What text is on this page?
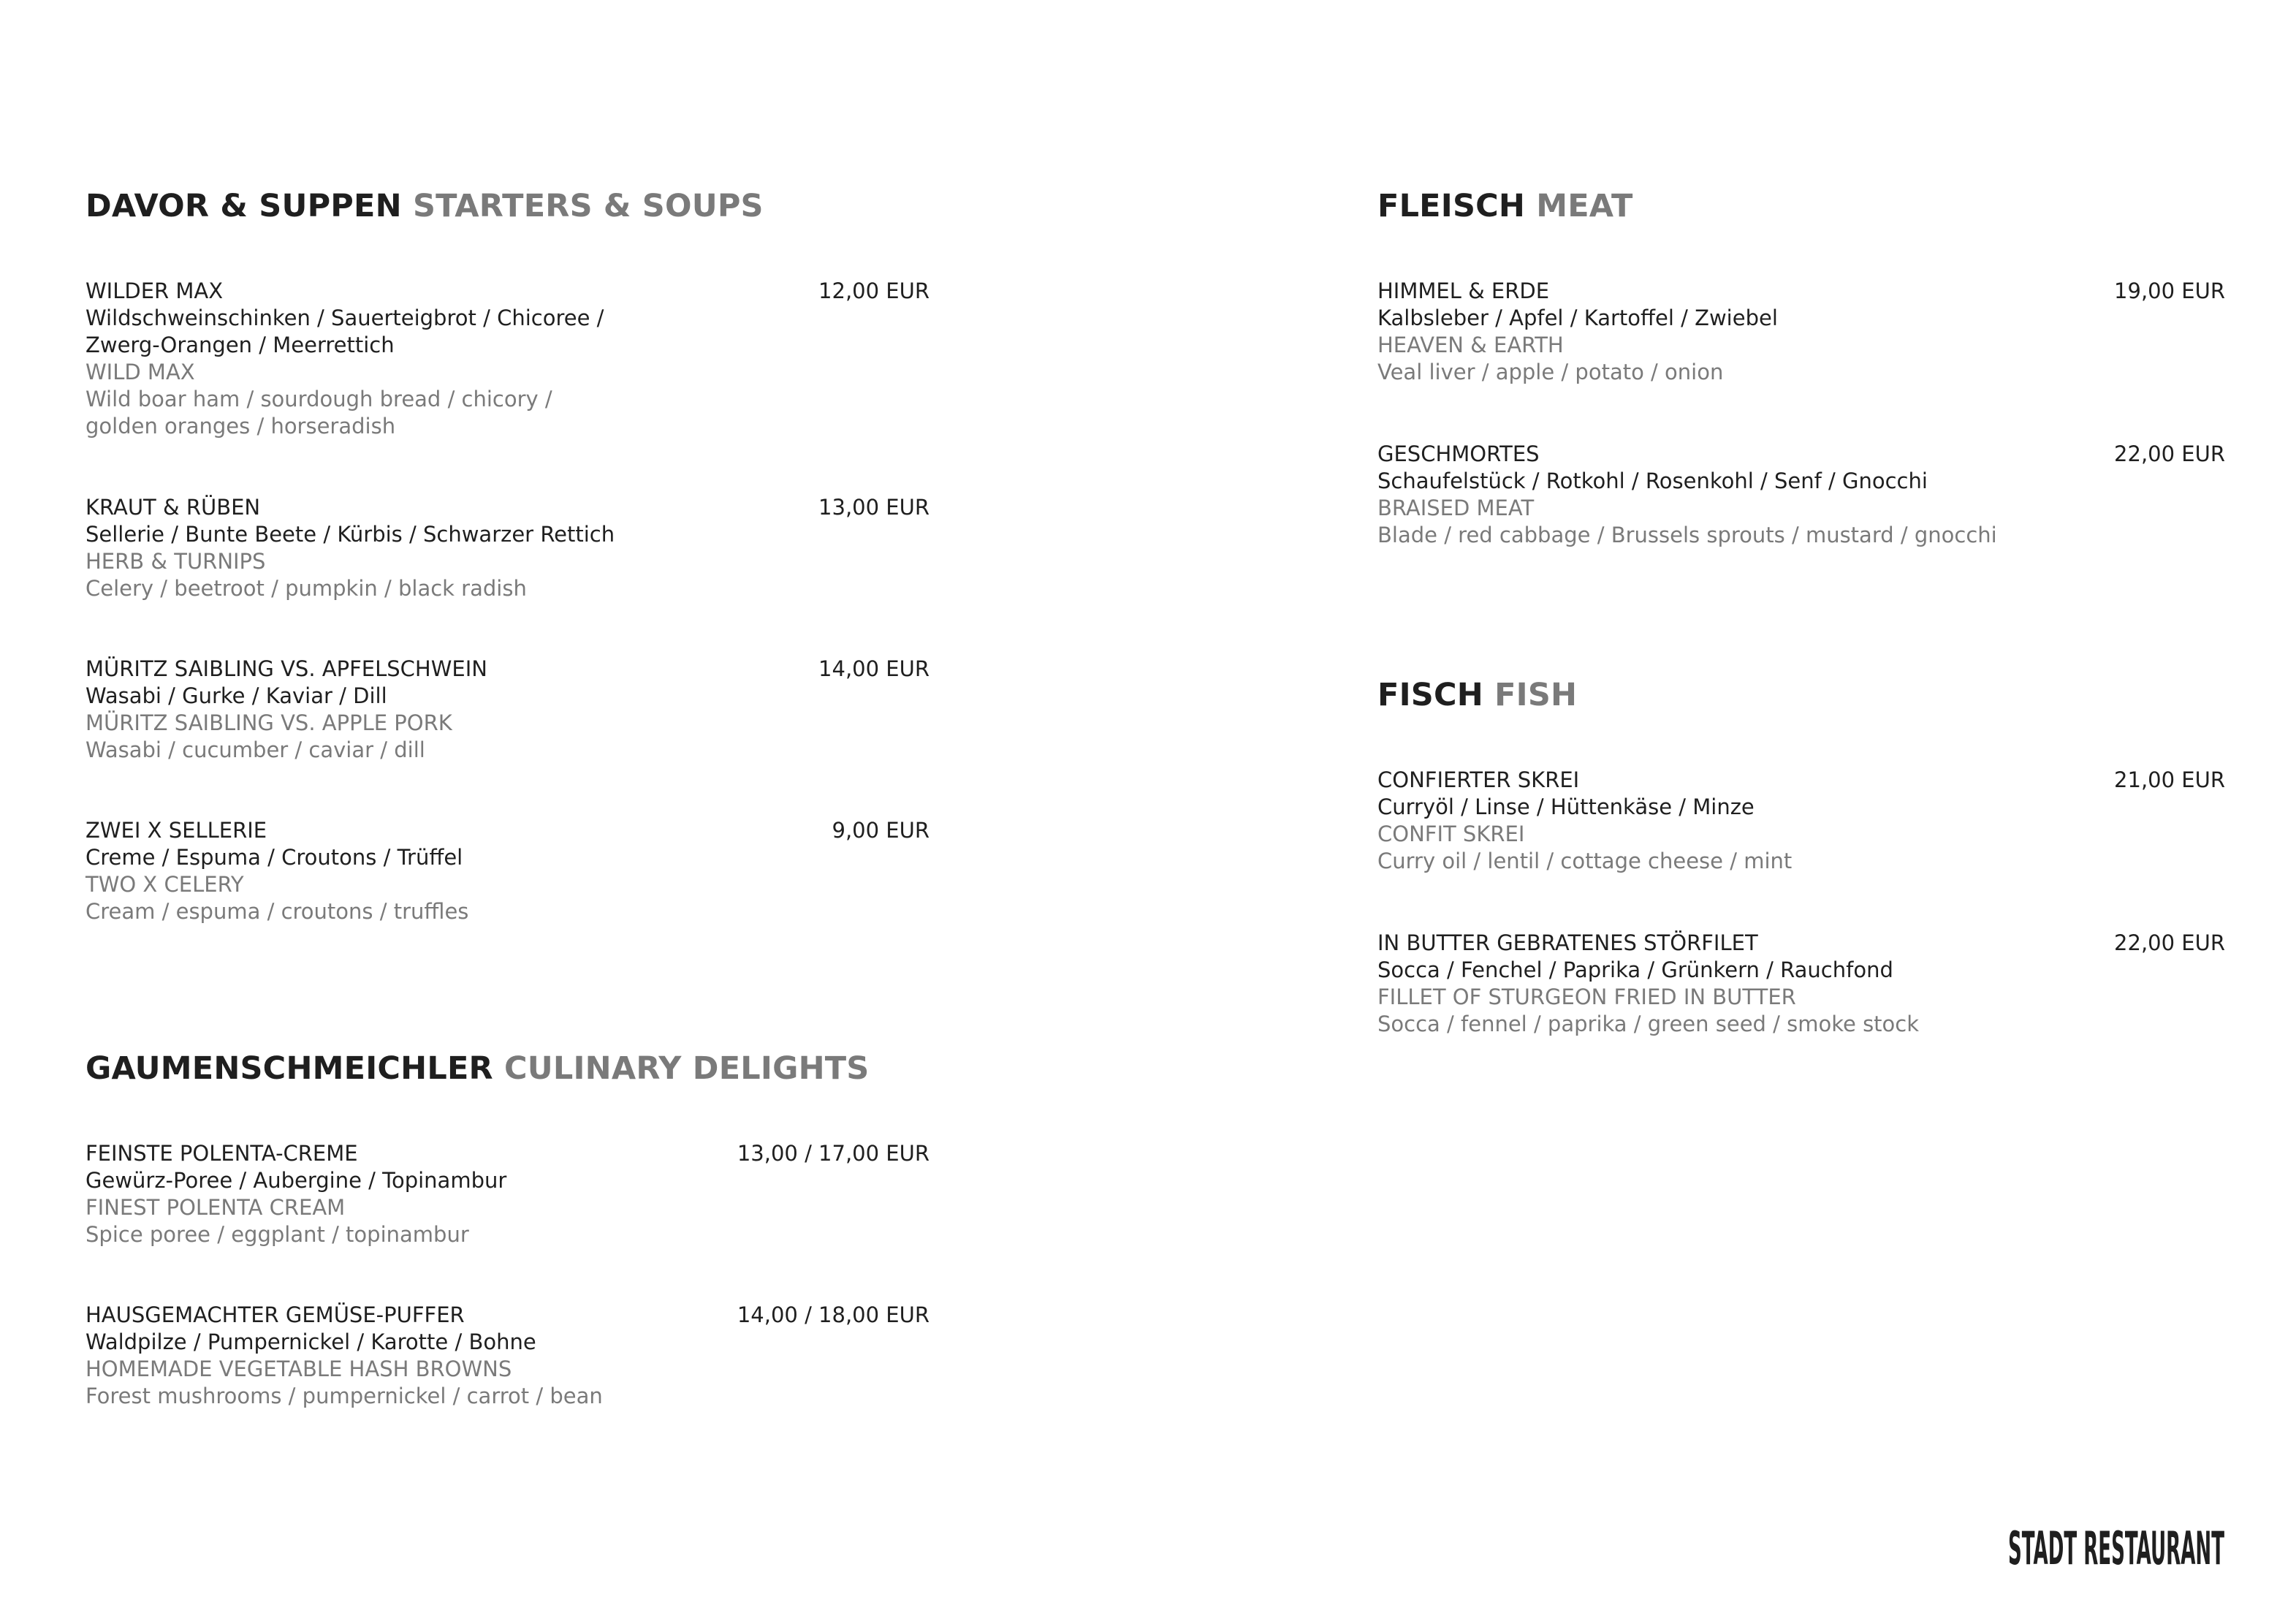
DAVOR & SUPPEN STARTERS & SOUPS
WILDER MAX
Wildschweinschinken / Sauerteigbrot / Chicoree /
Zwerg-Orangen / Meerrettich
WILD MAX
Wild boar ham / sourdough bread / chicory /
golden oranges / horseradish
12,00 EUR
KRAUT & RÜBEN
Sellerie / Bunte Beete / Kürbis / Schwarzer Rettich
HERB & TURNIPS
Celery / beetroot / pumpkin / black radish
13,00 EUR
MÜRITZ SAIBLING VS. APFELSCHWEIN
Wasabi / Gurke / Kaviar / Dill
MÜRITZ SAIBLING VS. APPLE PORK
Wasabi / cucumber / caviar / dill
14,00 EUR
ZWEI X SELLERIE
Creme / Espuma / Croutons / Trüffel
TWO X CELERY
Cream / espuma / croutons / truffles
9,00 EUR
GAUMENSCHMEICHLER CULINARY DELIGHTS
FEINSTE POLENTA-CREME
Gewürz-Poree / Aubergine / Topinambur
FINEST POLENTA CREAM
Spice poree / eggplant / topinambur
13,00 / 17,00 EUR
HAUSGEMACHTER GEMÜSE-PUFFER
Waldpilze / Pumpernickel / Karotte / Bohne
HOMEMADE VEGETABLE HASH BROWNS
Forest mushrooms / pumpernickel / carrot / bean
14,00 / 18,00 EUR
FLEISCH MEAT
HIMMEL & ERDE
Kalbsleber / Apfel / Kartoffel / Zwiebel
HEAVEN & EARTH
Veal liver / apple / potato / onion
19,00 EUR
GESCHMORTES
Schaufelstück / Rotkohl / Rosenkohl / Senf / Gnocchi
BRAISED MEAT
Blade / red cabbage / Brussels sprouts / mustard / gnocchi
22,00 EUR
FISCH FISH
CONFIERTER SKREI
Curryöl / Linse / Hüttenkäse / Minze
CONFIT SKREI
Curry oil / lentil / cottage cheese / mint
21,00 EUR
IN BUTTER GEBRATENES STÖRFILET
Socca / Fenchel / Paprika / Grünkern / Rauchfond
FILLET OF STURGEON FRIED IN BUTTER
Socca / fennel / paprika / green seed / smoke stock
22,00 EUR
STADT RESTAURANT
